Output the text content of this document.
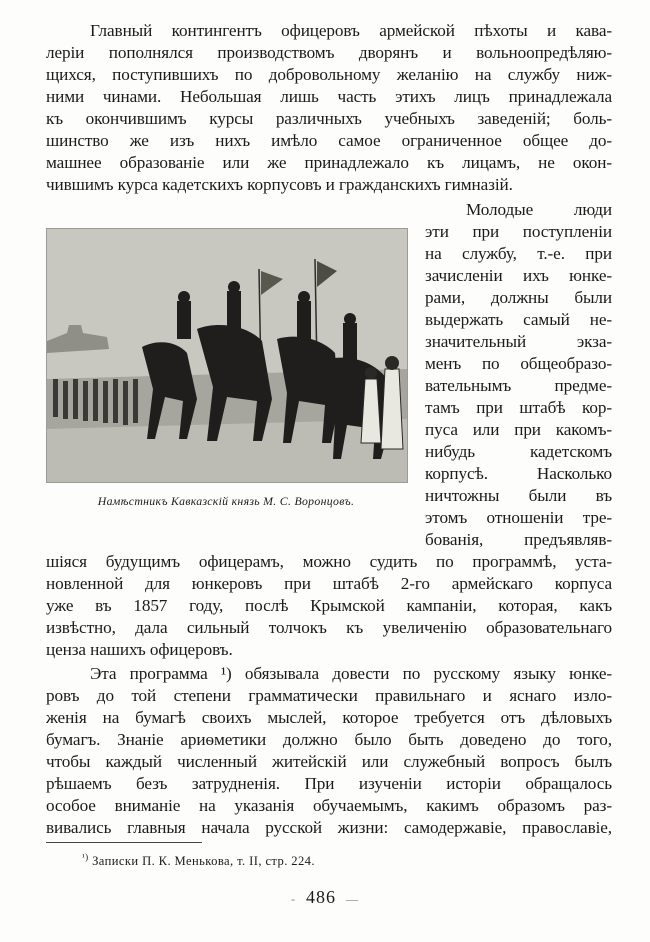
Главный контингентъ офицеровъ армейской пѣхоты и кава-
леріи пополнялся производствомъ дворянъ и вольноопредѣляю-
щихся, поступившихъ по добровольному желанію на службу ниж-
ними чинами. Небольшая лишь часть этихъ лицъ принадлежала
къ окончившимъ курсы различныхъ учебныхъ заведеній; боль-
шинство же изъ нихъ имѣло самое ограниченное общее до-
машнее образованіе или же принадлежало къ лицамъ, не окон-
чившимъ курса кадетскихъ корпусовъ и гражданскихъ гимназій.
Молодые люди
эти при поступленіи
на службу, т.-е. при
зачисленіи ихъ юнке-
рами, должны были
выдержать самый не-
значительный экза-
менъ по общеобразо-
вательнымъ предме-
тамъ при штабѣ кор-
пуса или при какомъ-
нибудь кадетскомъ
корпусѣ. Насколько
ничтожны были въ
этомъ отношеніи тре-
бованія, предъявляв-
шіяся будущимъ офицерамъ, можно судить по программѣ, уста-
новленной для юнкеровъ при штабѣ 2-го армейскаго корпуса
уже въ 1857 году, послѣ Крымской кампаніи, которая, какъ
извѣстно, дала сильный толчокъ къ увеличенію образовательнаго
ценза нашихъ офицеровъ.
Эта программа ¹) обязывала довести по русскому языку юнке-
ровъ до той степени грамматически правильнаго и яснаго изло-
женія на бумагѣ своихъ мыслей, которое требуется отъ дѣловыхъ
бумагъ. Знаніе ариѳметики должно было быть доведено до того,
чтобы каждый численный житейскій или служебный вопросъ былъ
рѣшаемъ безъ затрудненія. При изученіи исторіи обращалось
особое вниманіе на указанія обучаемымъ, какимъ образомъ раз-
вивались главныя начала русской жизни: самодержавіе, православіе,
Намѣстникъ Кавказскій князь М. С. Воронцовъ.
$^{^1)}$ Записки П. К. Менькова, т. II, стр. 224.
- 486 —
